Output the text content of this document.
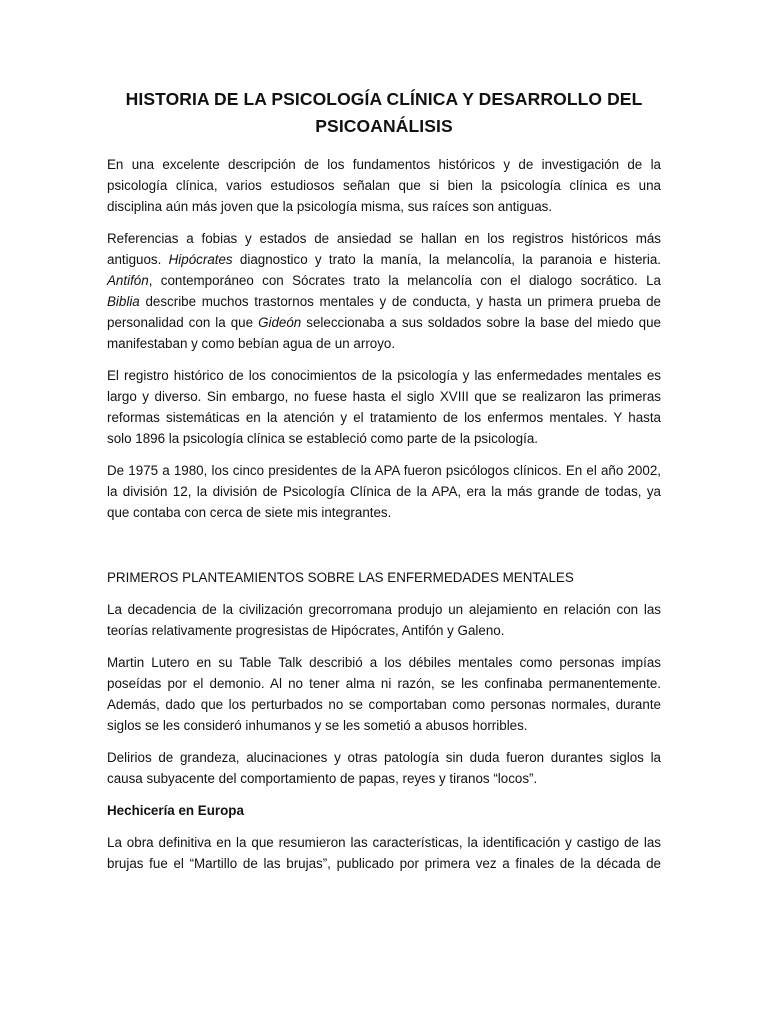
HISTORIA DE LA PSICOLOGÍA CLÍNICA Y DESARROLLO DEL
PSICOANÁLISIS

En una excelente descripción de los fundamentos históricos y de investigación de la
psicología clínica, varios estudiosos señalan que si bien la psicología clínica es una
disciplina aún más joven que la psicología misma, sus raíces son antiguas.

Referencias a fobias y estados de ansiedad se hallan en los registros históricos más
antiguos. Hipócrates diagnostico y trato la manía, la melancolía, la paranoia e histeria.
Antifón, contemporáneo con Sócrates trato la melancolía con el dialogo socrático. La
Biblia describe muchos trastornos mentales y de conducta, y hasta un primera prueba de
personalidad con la que Gideón seleccionaba a sus soldados sobre la base del miedo que
manifestaban y como bebían agua de un arroyo.

El registro histórico de los conocimientos de la psicología y las enfermedades mentales es
largo y diverso. Sin embargo, no fuese hasta el siglo XVIII que se realizaron las primeras
reformas sistemáticas en la atención y el tratamiento de los enfermos mentales. Y hasta
solo 1896 la psicología clínica se estableció como parte de la psicología.

De 1975 a 1980, los cinco presidentes de la APA fueron psicólogos clínicos. En el año 2002,
la división 12, la división de Psicología Clínica de la APA, era la más grande de todas, ya
que contaba con cerca de siete mis integrantes.

PRIMEROS PLANTEAMIENTOS SOBRE LAS ENFERMEDADES MENTALES

La decadencia de la civilización grecorromana produjo un alejamiento en relación con las
teorías relativamente progresistas de Hipócrates, Antifón y Galeno.

Martin Lutero en su Table Talk describió a los débiles mentales como personas impías
poseídas por el demonio. Al no tener alma ni razón, se les confinaba permanentemente.
Además, dado que los perturbados no se comportaban como personas normales, durante
siglos se les consideró inhumanos y se les sometió a abusos horribles.

Delirios de grandeza, alucinaciones y otras patología sin duda fueron durantes siglos la
causa subyacente del comportamiento de papas, reyes y tiranos “locos”.

Hechicería en Europa

La obra definitiva en la que resumieron las características, la identificación y castigo de las
brujas fue el “Martillo de las brujas”, publicado por primera vez a finales de la década de
